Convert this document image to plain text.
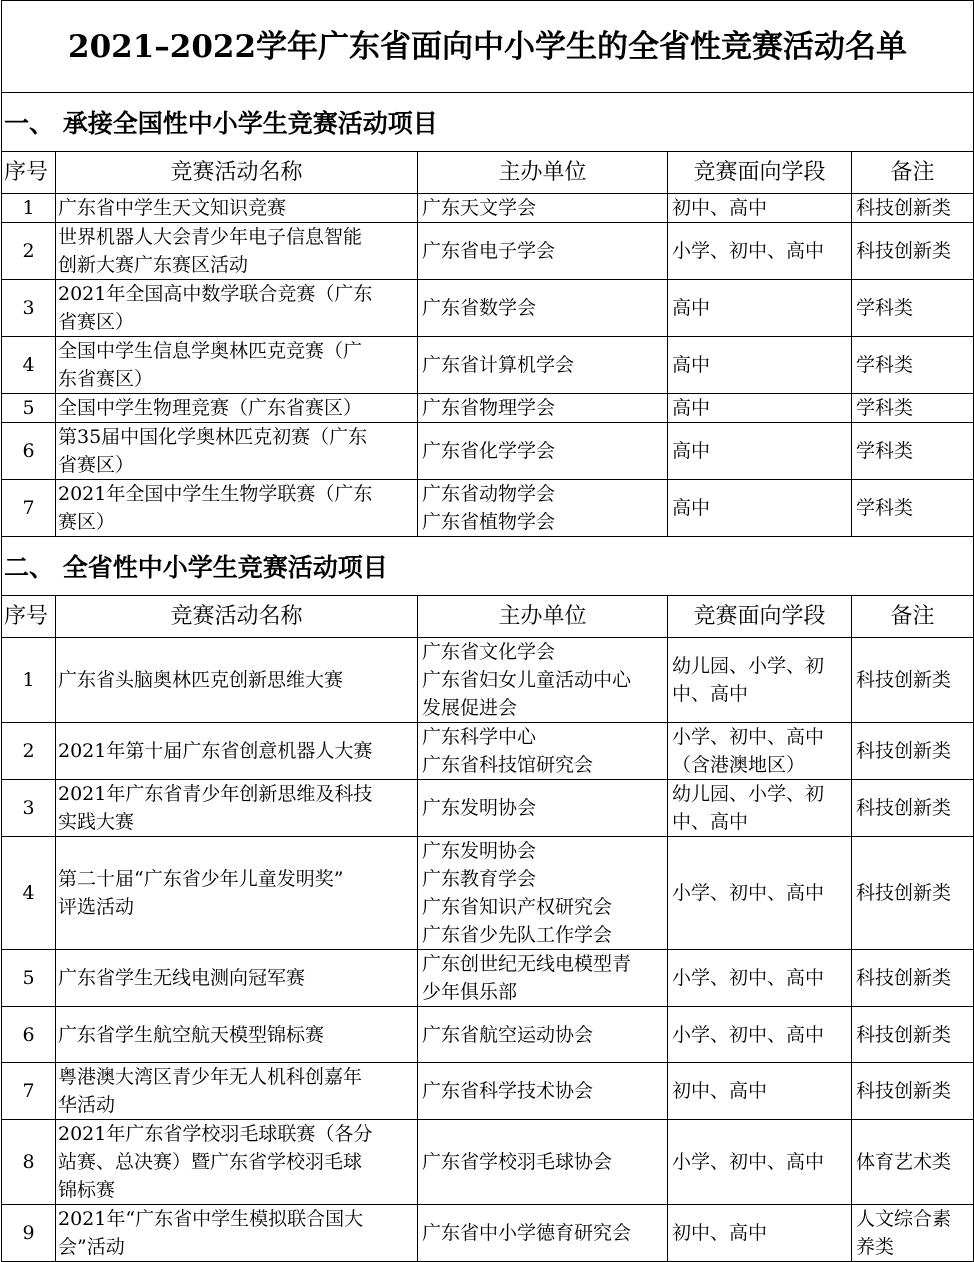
2021–2022学年广东省面向中小学生的全省性竞赛活动名单				
一、 承接全国性中小学生竞赛活动项目				
序号	竞赛活动名称	主办单位	竞赛面向学段	备注
1	广东省中学生天文知识竞赛	广东天文学会	初中、高中	科技创新类

2	世界机器人大会青少年电子信息智能
创新大赛广东赛区活动	广东省电子学会	小学、初中、高中	科技创新类

3	2021年全国高中数学联合竞赛（广东
省赛区）	广东省数学会	高中	学科类

4	全国中学生信息学奥林匹克竞赛（广
东省赛区）	广东省计算机学会	高中	学科类

5	全国中学生物理竞赛（广东省赛区）	广东省物理学会	高中	学科类

6	第35届中国化学奥林匹克初赛（广东
省赛区）	广东省化学学会	高中	学科类

7	2021年全国中学生生物学联赛（广东
赛区）	广东省动物学会
广东省植物学会	高中	学科类

二、 全省性中小学生竞赛活动项目				
序号	竞赛活动名称	主办单位	竞赛面向学段	备注
1	广东省头脑奥林匹克创新思维大赛	广东省文化学会
广东省妇女儿童活动中心
发展促进会	幼儿园、小学、初
中、高中	科技创新类

2	2021年第十届广东省创意机器人大赛	广东科学中心
广东省科技馆研究会	小学、初中、高中
（含港澳地区）	科技创新类

3	2021年广东省青少年创新思维及科技
实践大赛	广东发明协会	幼儿园、小学、初
中、高中	科技创新类

4	第二十届“广东省少年儿童发明奖”
评选活动	广东发明协会
广东教育学会
广东省知识产权研究会
广东省少先队工作学会	小学、初中、高中	科技创新类

5	广东省学生无线电测向冠军赛	广东创世纪无线电模型青
少年俱乐部	小学、初中、高中	科技创新类

6	广东省学生航空航天模型锦标赛	广东省航空运动协会	小学、初中、高中	科技创新类

7	粤港澳大湾区青少年无人机科创嘉年
华活动	广东省科学技术协会	初中、高中	科技创新类

8	2021年广东省学校羽毛球联赛（各分
站赛、总决赛）暨广东省学校羽毛球
锦标赛	广东省学校羽毛球协会	小学、初中、高中	体育艺术类

9	2021年“广东省中学生模拟联合国大
会”活动	广东省中小学德育研究会	初中、高中	人文综合素
养类
